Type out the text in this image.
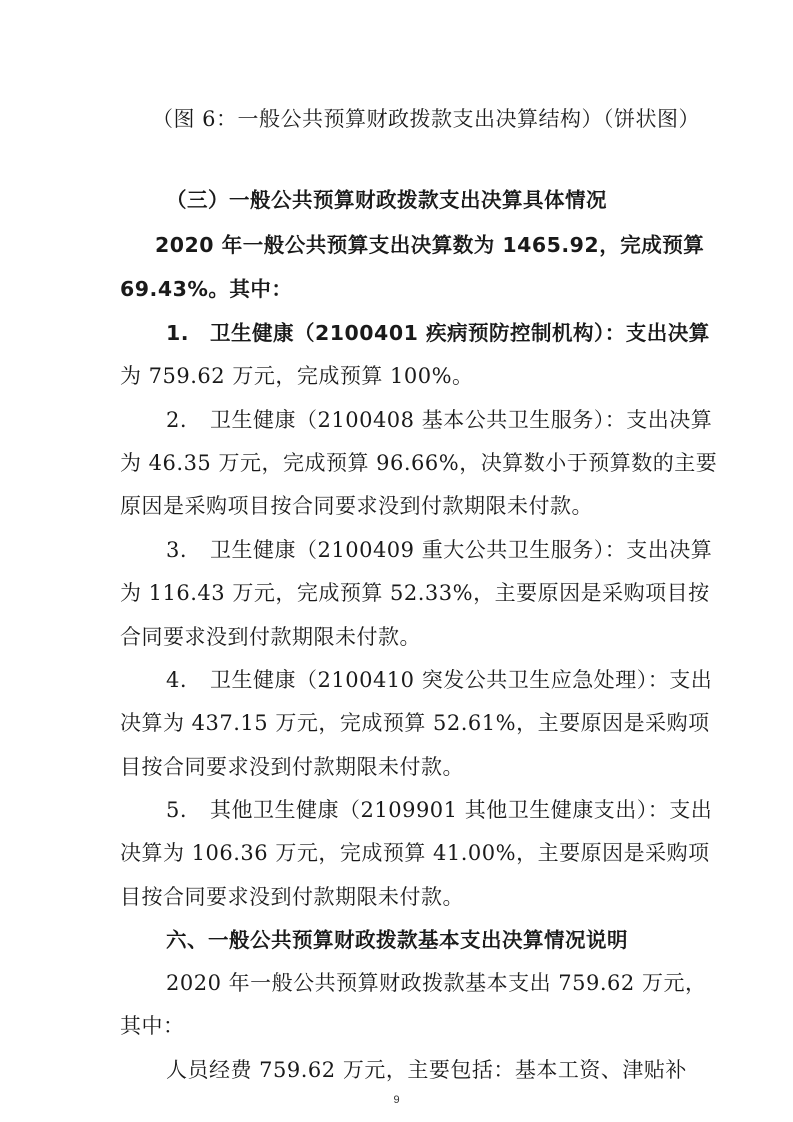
（图 6：一般公共预算财政拨款支出决算结构）（饼状图）
（三）一般公共预算财政拨款支出决算具体情况
2020 年一般公共预算支出决算数为 1465.92，完成预算
69.43%。其中：
1. 卫生健康（2100401 疾病预防控制机构）：支出决算
为 759.62 万元，完成预算 100%。
2. 卫生健康（2100408 基本公共卫生服务）：支出决算
为 46.35 万元，完成预算 96.66%，决算数小于预算数的主要
原因是采购项目按合同要求没到付款期限未付款。
3. 卫生健康（2100409 重大公共卫生服务）：支出决算
为 116.43 万元，完成预算 52.33%，主要原因是采购项目按
合同要求没到付款期限未付款。
4. 卫生健康（2100410 突发公共卫生应急处理）：支出
决算为 437.15 万元，完成预算 52.61%，主要原因是采购项
目按合同要求没到付款期限未付款。
5. 其他卫生健康（2109901 其他卫生健康支出）：支出
决算为 106.36 万元，完成预算 41.00%，主要原因是采购项
目按合同要求没到付款期限未付款。
六、一般公共预算财政拨款基本支出决算情况说明
2020 年一般公共预算财政拨款基本支出 759.62 万元，
其中：
人员经费 759.62 万元，主要包括：基本工资、津贴补
9
